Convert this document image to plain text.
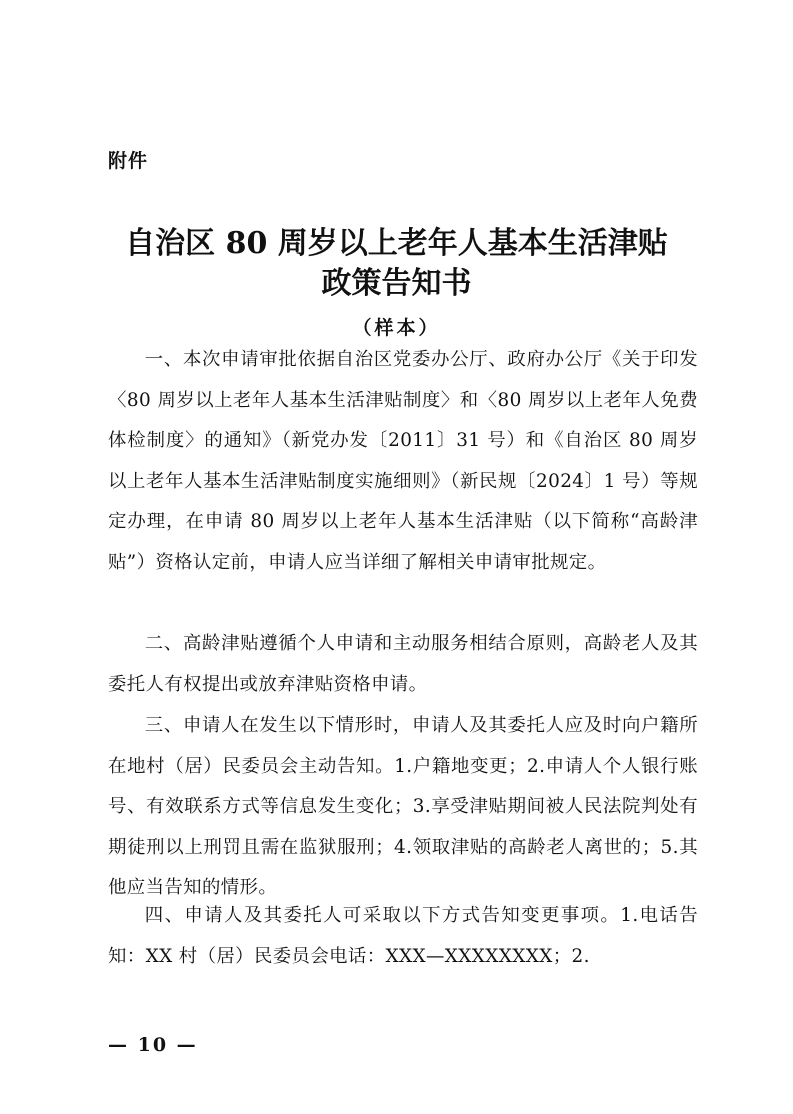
附件
自治区 80 周岁以上老年人基本生活津贴
政策告知书
（样本）

一、本次申请审批依据自治区党委办公厅、政府办公厅《关于印发〈80 周岁以上老年人基本生活津贴制度〉和〈80 周岁以上老年人免费体检制度〉的通知》（新党办发〔2011〕31 号）和《自治区 80 周岁以上老年人基本生活津贴制度实施细则》（新民规〔2024〕1 号）等规定办理，在申请 80 周岁以上老年人基本生活津贴（以下简称“高龄津贴”）资格认定前，申请人应当详细了解相关申请审批规定。

二、高龄津贴遵循个人申请和主动服务相结合原则，高龄老人及其委托人有权提出或放弃津贴资格申请。

三、申请人在发生以下情形时，申请人及其委托人应及时向户籍所在地村（居）民委员会主动告知。1.户籍地变更；2.申请人个人银行账号、有效联系方式等信息发生变化；3.享受津贴期间被人民法院判处有期徒刑以上刑罚且需在监狱服刑；4.领取津贴的高龄老人离世的；5.其他应当告知的情形。

四、申请人及其委托人可采取以下方式告知变更事项。1.电话告知：XX 村（居）民委员会电话：XXX—XXXXXXXX；2.

— 10 —
